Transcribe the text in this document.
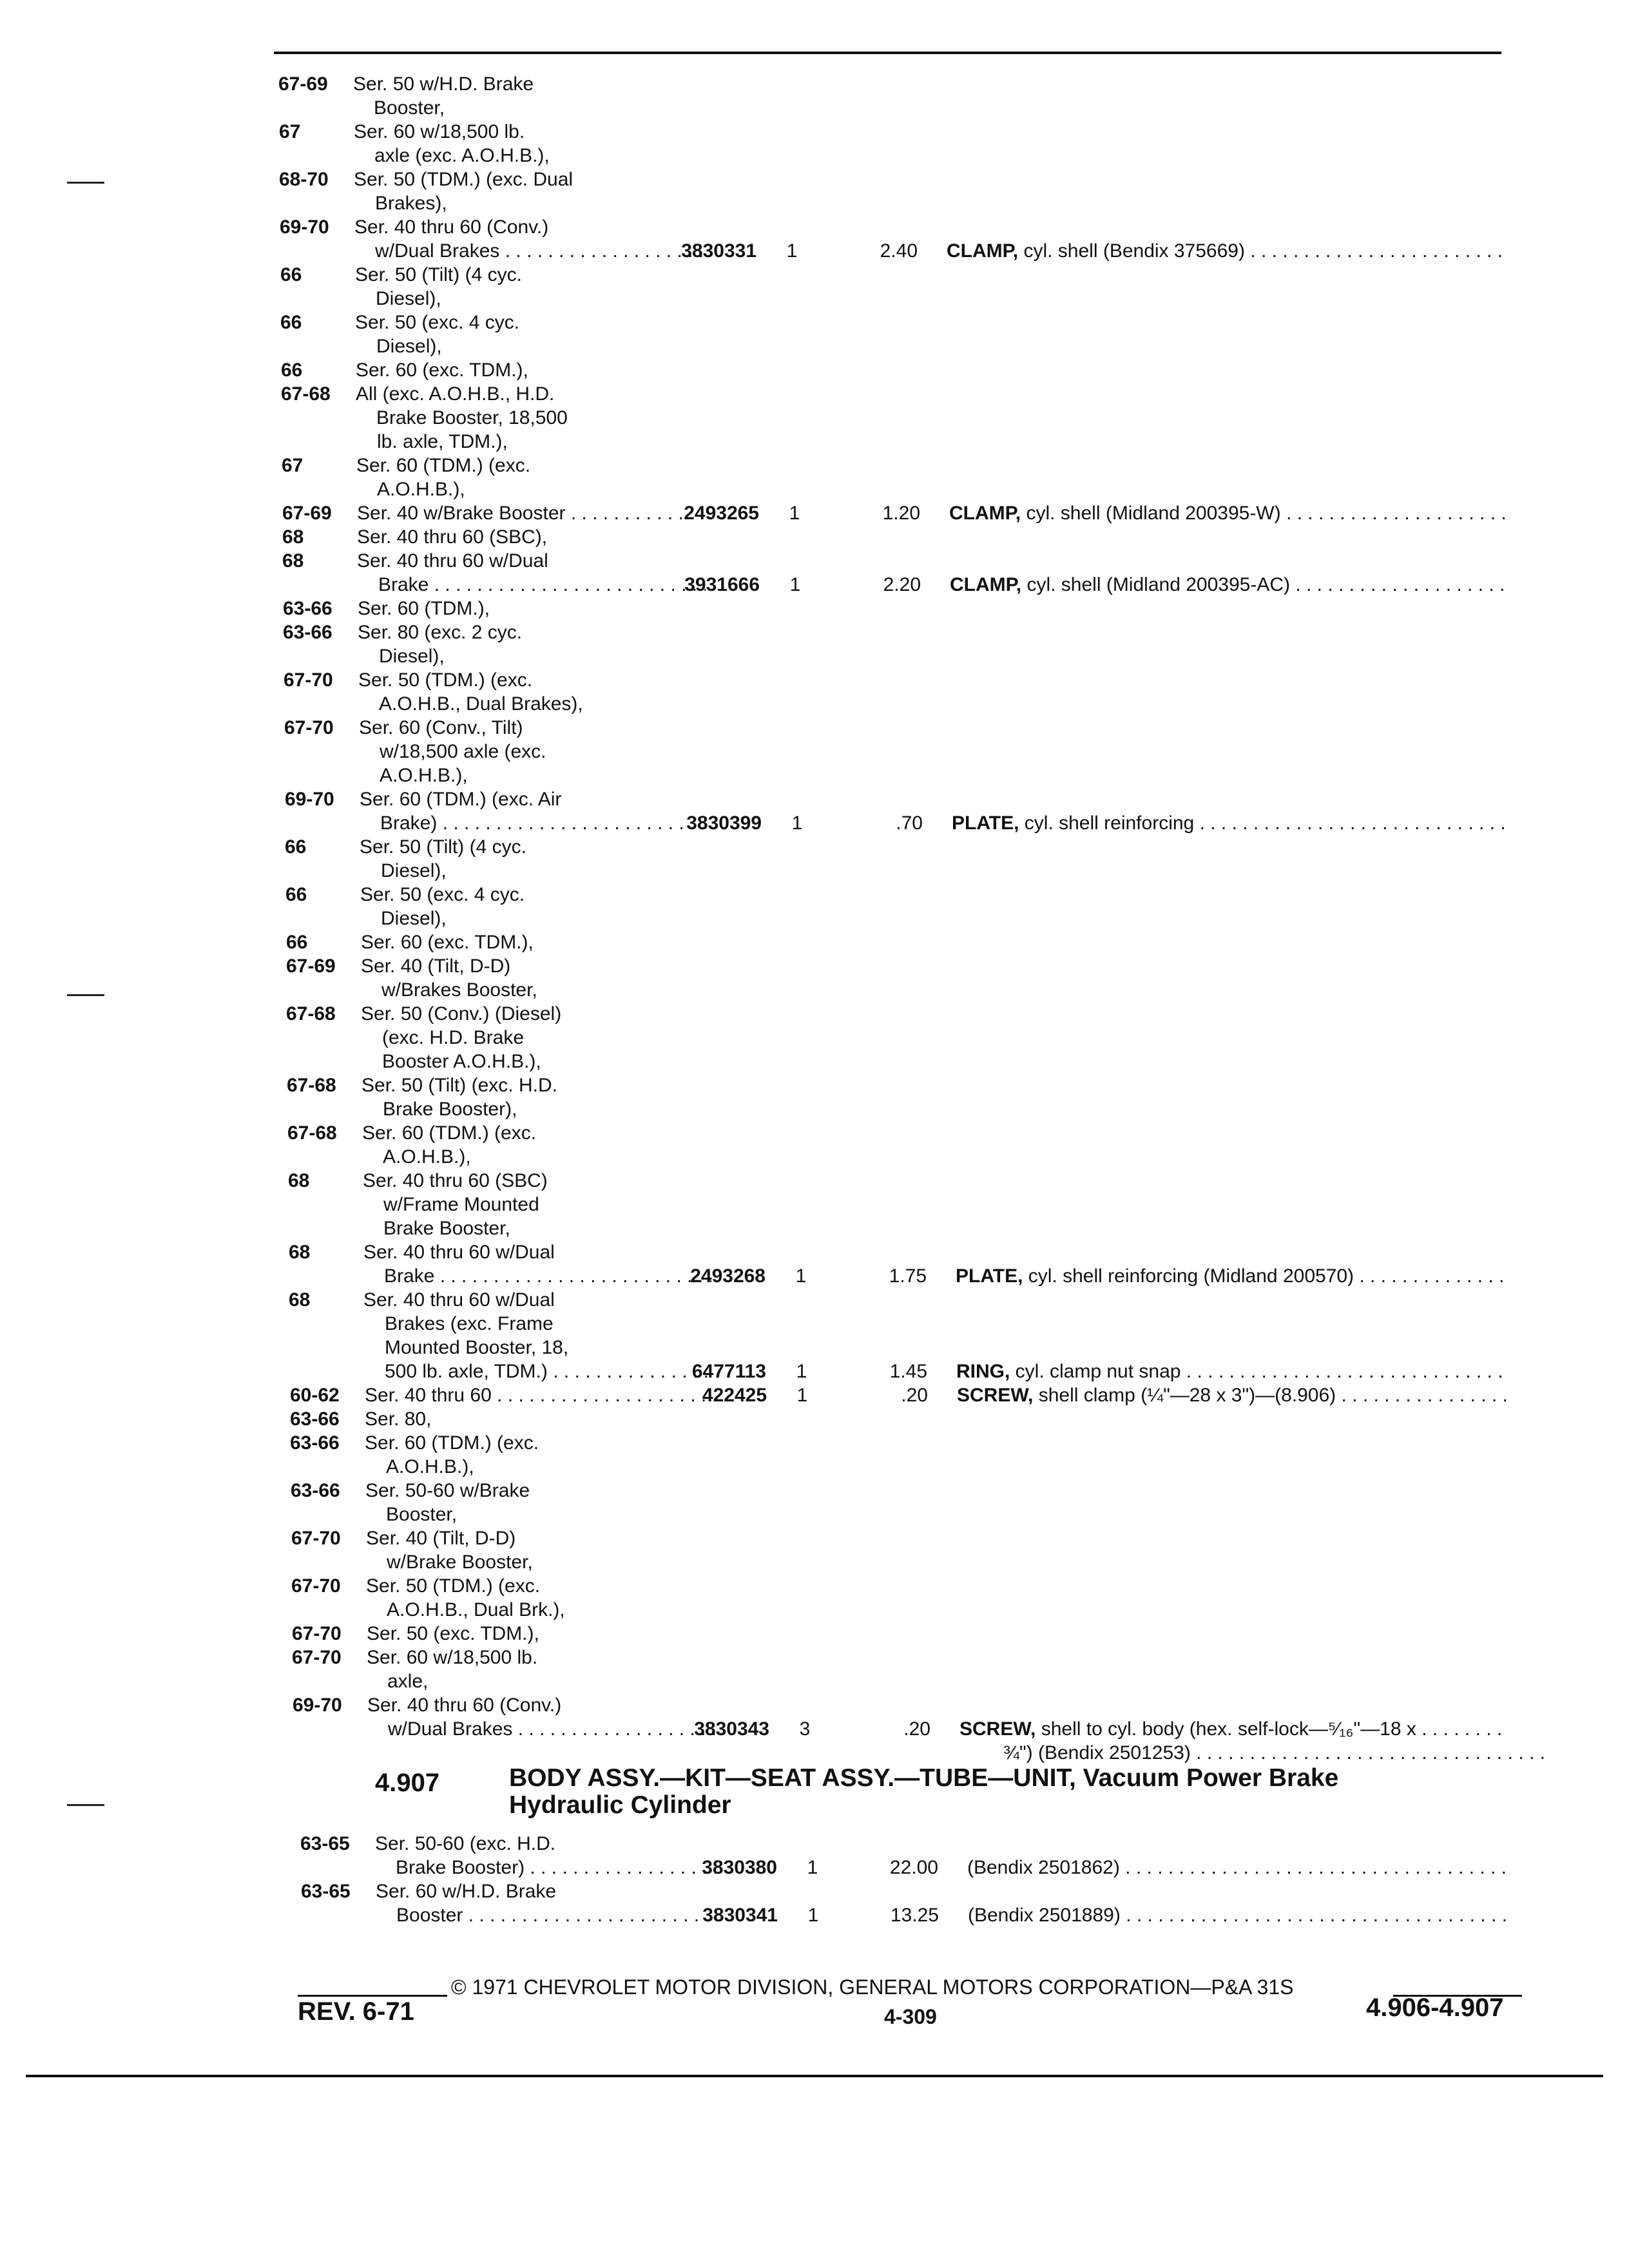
67-69 Ser. 50 w/H.D. Brake
Booster,
67	Ser. 60 w/18,500 lb.
axle (exc. A.O.H.B.),
68-70 Ser. 50 (TDM.) (exc. Dual
Brakes),
69-70 Ser. 40 thru 60 (Conv.)
w/Dual Brakes . . .	3830331 1	2.40 CLAMP, cyl. shell (Bendix 375669) . . .
66	Ser. 50 (Tilt) (4 cyc.
Diesel),
66	Ser. 50 (exc. 4 cyc.
Diesel),
66	Ser. 60 (exc. TDM.),
67-68 All (exc. A.O.H.B., H.D.
Brake Booster, 18,500
lb. axle, TDM.),
67	Ser. 60 (TDM.) (exc.
A.O.H.B.),
67-69 Ser. 40 w/Brake Booster . . .	2493265 1	1.20 CLAMP, cyl. shell (Midland 200395-W) . . .
68	Ser. 40 thru 60 (SBC),
68	Ser. 40 thru 60 w/Dual
Brake . . .	3931666 1	2.20 CLAMP, cyl. shell (Midland 200395-AC) . . .
63-66 Ser. 60 (TDM.),
63-66 Ser. 80 (exc. 2 cyc.
Diesel),
67-70 Ser. 50 (TDM.) (exc.
A.O.H.B., Dual Brakes),
67-70 Ser. 60 (Conv., Tilt)
w/18,500 axle (exc.
A.O.H.B.),
69-70 Ser. 60 (TDM.) (exc. Air
Brake) . . .	3830399 1	.70 PLATE, cyl. shell reinforcing . . .
66	Ser. 50 (Tilt) (4 cyc.
Diesel),
66	Ser. 50 (exc. 4 cyc.
Diesel),
66	Ser. 60 (exc. TDM.),
67-69 Ser. 40 (Tilt, D-D)
w/Brakes Booster,
67-68 Ser. 50 (Conv.) (Diesel)
(exc. H.D. Brake
Booster A.O.H.B.),
67-68 Ser. 50 (Tilt) (exc. H.D.
Brake Booster),
67-68 Ser. 60 (TDM.) (exc.
A.O.H.B.),
68	Ser. 40 thru 60 (SBC)
w/Frame Mounted
Brake Booster,
68	Ser. 40 thru 60 w/Dual
Brake . . .	2493268 1	1.75 PLATE, cyl. shell reinforcing (Midland 200570) . . .
68	Ser. 40 thru 60 w/Dual
Brakes (exc. Frame
Mounted Booster, 18,
500 lb. axle, TDM.) . . .	6477113 1	1.45 RING, cyl. clamp nut snap . . .
60-62 Ser. 40 thru 60 . . .	422425 1	.20 SCREW, shell clamp (¼"—28 x 3")—(8.906) . . .
63-66 Ser. 80,
63-66 Ser. 60 (TDM.) (exc.
A.O.H.B.),
63-66 Ser. 50-60 w/Brake
Booster,
67-70 Ser. 40 (Tilt, D-D)
w/Brake Booster,
67-70 Ser. 50 (TDM.) (exc.
A.O.H.B., Dual Brk.),
67-70 Ser. 50 (exc. TDM.),
67-70 Ser. 60 w/18,500 lb.
axle,
69-70 Ser. 40 thru 60 (Conv.)
w/Dual Brakes . . .	3830343 3	.20 SCREW, shell to cyl. body (hex. self-lock—⁵⁄₁₆"—18 x . . .
¾") (Bendix 2501253) . . .
4.907	BODY ASSY.—KIT—SEAT ASSY.—TUBE—UNIT, Vacuum Power Brake
Hydraulic Cylinder
63-65 Ser. 50-60 (exc. H.D.
Brake Booster) . . .	3830380 1	22.00 (Bendix 2501862) . . .
63-65 Ser. 60 w/H.D. Brake
Booster . . .	3830341 1	13.25 (Bendix 2501889) . . .
© 1971 CHEVROLET MOTOR DIVISION, GENERAL MOTORS CORPORATION—P&A 31S
REV. 6-71	4-309	4.906-4.907
